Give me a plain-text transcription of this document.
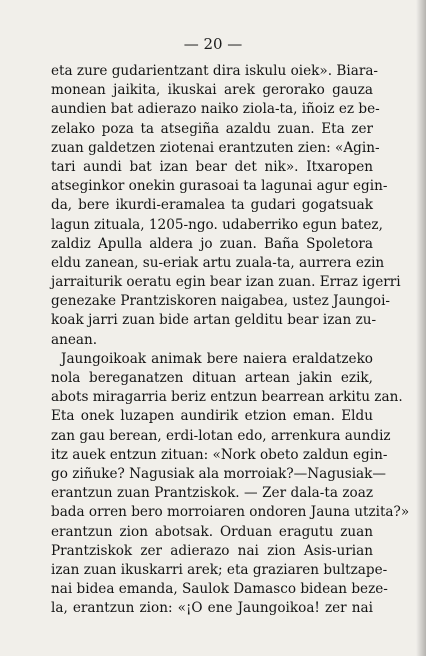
— 20 —
eta zure gudarientzant dira iskulu oiek». Biara-
monean jaikita, ikuskai arek gerorako gauza
aundien bat adierazo naiko ziola-ta, iñoiz ez be-
zelako poza ta atsegiña azaldu zuan. Eta zer
zuan galdetzen ziotenai erantzuten zien: «Agin-
tari aundi bat izan bear det nik». Itxaropen
atseginkor onekin gurasoai ta lagunai agur egin-
da, bere ikurdi-eramalea ta gudari gogatsuak
lagun zituala, 1205-ngo. udaberriko egun batez,
zaldiz Apulla aldera jo zuan. Baña Spoletora
eldu zanean, su-eriak artu zuala-ta, aurrera ezin
jarraiturik oeratu egin bear izan zuan. Erraz igerri
genezake Prantziskoren naigabea, ustez Jaungoi-
koak jarri zuan bide artan gelditu bear izan zu-
anean.
Jaungoikoak animak bere naiera eraldatzeko
nola bereganatzen dituan artean jakin ezik,
abots miragarria beriz entzun bearrean arkitu zan.
Eta onek luzapen aundirik etzion eman. Eldu
zan gau berean, erdi-lotan edo, arrenkura aundiz
itz auek entzun zituan: «Nork obeto zaldun egin-
go ziñuke? Nagusiak ala morroiak?—Nagusiak—
erantzun zuan Prantziskok. — Zer dala-ta zoaz
bada orren bero morroiaren ondoren Jauna utzita?»
erantzun zion abotsak. Orduan eragutu zuan
Prantziskok zer adierazo nai zion Asis-urian
izan zuan ikuskarri arek; eta graziaren bultzape-
nai bidea emanda, Saulok Damasco bidean beze-
la, erantzun zion: «¡O ene Jaungoikoa! zer nai
